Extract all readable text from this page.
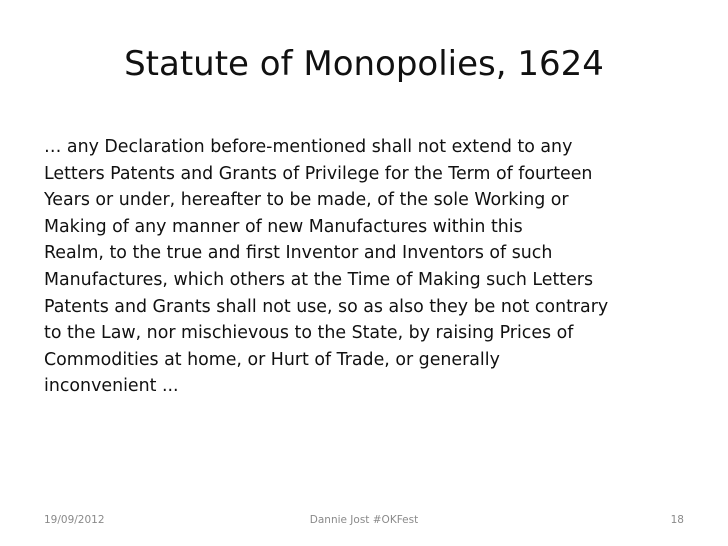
Statute of Monopolies, 1624
… any Declaration before-mentioned shall not extend to any
Letters Patents and Grants of Privilege for the Term of fourteen
Years or under, hereafter to be made, of the sole Working or
Making of any manner of new Manufactures within this
Realm, to the true and first Inventor and Inventors of such
Manufactures, which others at the Time of Making such Letters
Patents and Grants shall not use, so as also they be not contrary
to the Law, nor mischievous to the State, by raising Prices of
Commodities at home, or Hurt of Trade, or generally
inconvenient ...
19/09/2012	Dannie Jost #OKFest	18
